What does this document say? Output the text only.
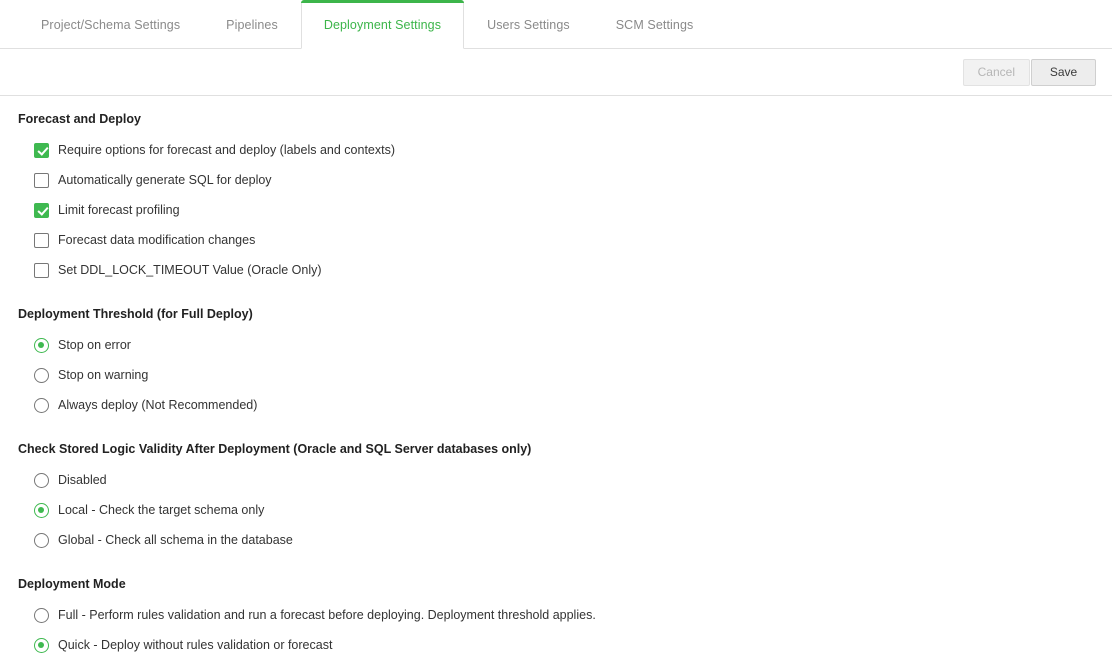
Project/Schema Settings	Pipelines	Deployment Settings	Users Settings	SCM Settings
Cancel	Save
Forecast and Deploy
Require options for forecast and deploy (labels and contexts)
Automatically generate SQL for deploy
Limit forecast profiling
Forecast data modification changes
Set DDL_LOCK_TIMEOUT Value (Oracle Only)
Deployment Threshold (for Full Deploy)
Stop on error
Stop on warning
Always deploy (Not Recommended)
Check Stored Logic Validity After Deployment (Oracle and SQL Server databases only)
Disabled
Local - Check the target schema only
Global - Check all schema in the database
Deployment Mode
Full - Perform rules validation and run a forecast before deploying. Deployment threshold applies.
Quick - Deploy without rules validation or forecast
